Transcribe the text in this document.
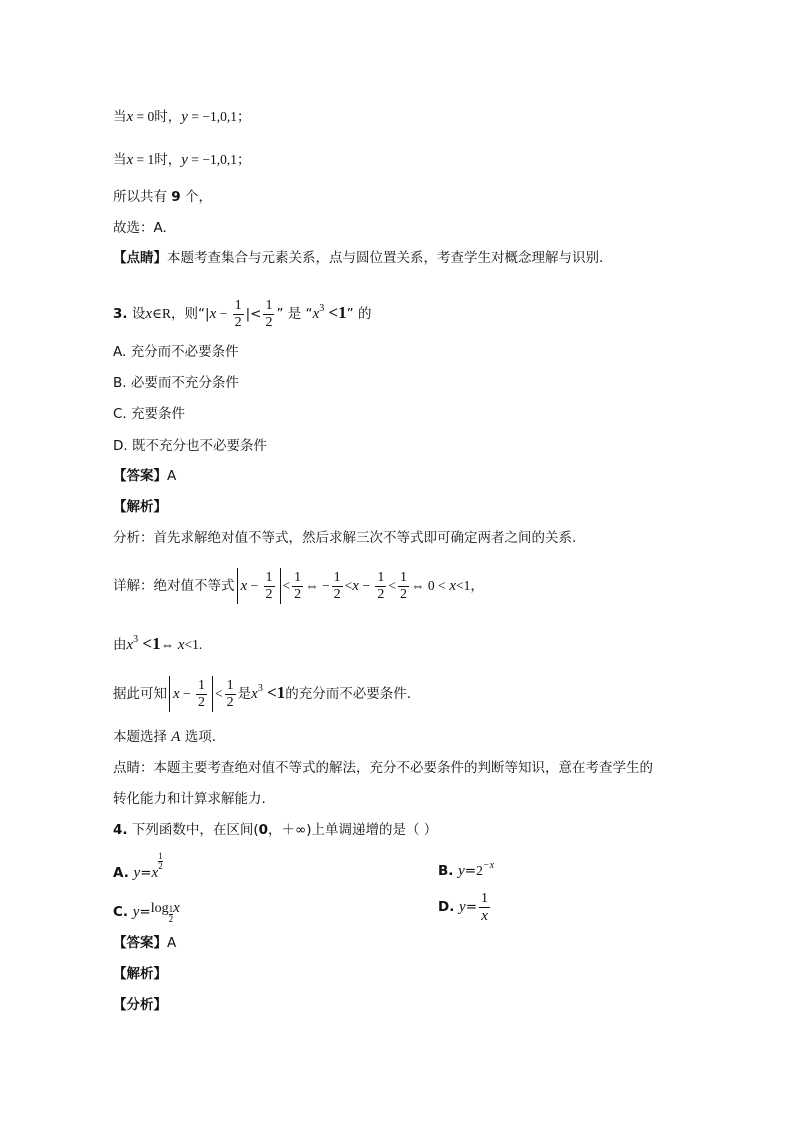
当x = 0时，y = −1,0,1；
当x = 1时，y = −1,0,1；
所以共有 9 个，
故选：A.
【点睛】本题考查集合与元素关系，点与圆位置关系，考查学生对概念理解与识别.
3. 设x∈R，则“$|x - \frac{1}{2}$ |< $\frac{1}{2}$ ” 是 “$x^3 <1$” 的
A. 充分而不必要条件
B. 必要而不充分条件
C. 充要条件
D. 既不充分也不必要条件
【答案】A
【解析】
分析：首先求解绝对值不等式，然后求解三次不等式即可确定两者之间的关系.
详解：绝对值不等式 $x - \frac{1}{2} < \frac{1}{2}$ ⇔ − $\frac{1}{2} <x - \frac{1}{2} < \frac{1}{2}$ ⇔ 0 < x<1，
由$x^3$ <1⇔ x<1.
据此可知 $x - \frac{1}{2} < \frac{1}{2}$ 是$x^3 <1$的充分而不必要条件.
本题选择 A 选项.
点睛：本题主要考查绝对值不等式的解法，充分不必要条件的判断等知识，意在考查学生的
转化能力和计算求解能力.
4. 下列函数中，在区间(0，＋∞)上单调递增的是（ ）
A. y=x
$\frac{1}{2}$	B. $y=2^{-x}$
C. $y=\log \frac{1}{2}$ x	D. $y= \frac{1}{x}$
【答案】A
【解析】
【分析】
